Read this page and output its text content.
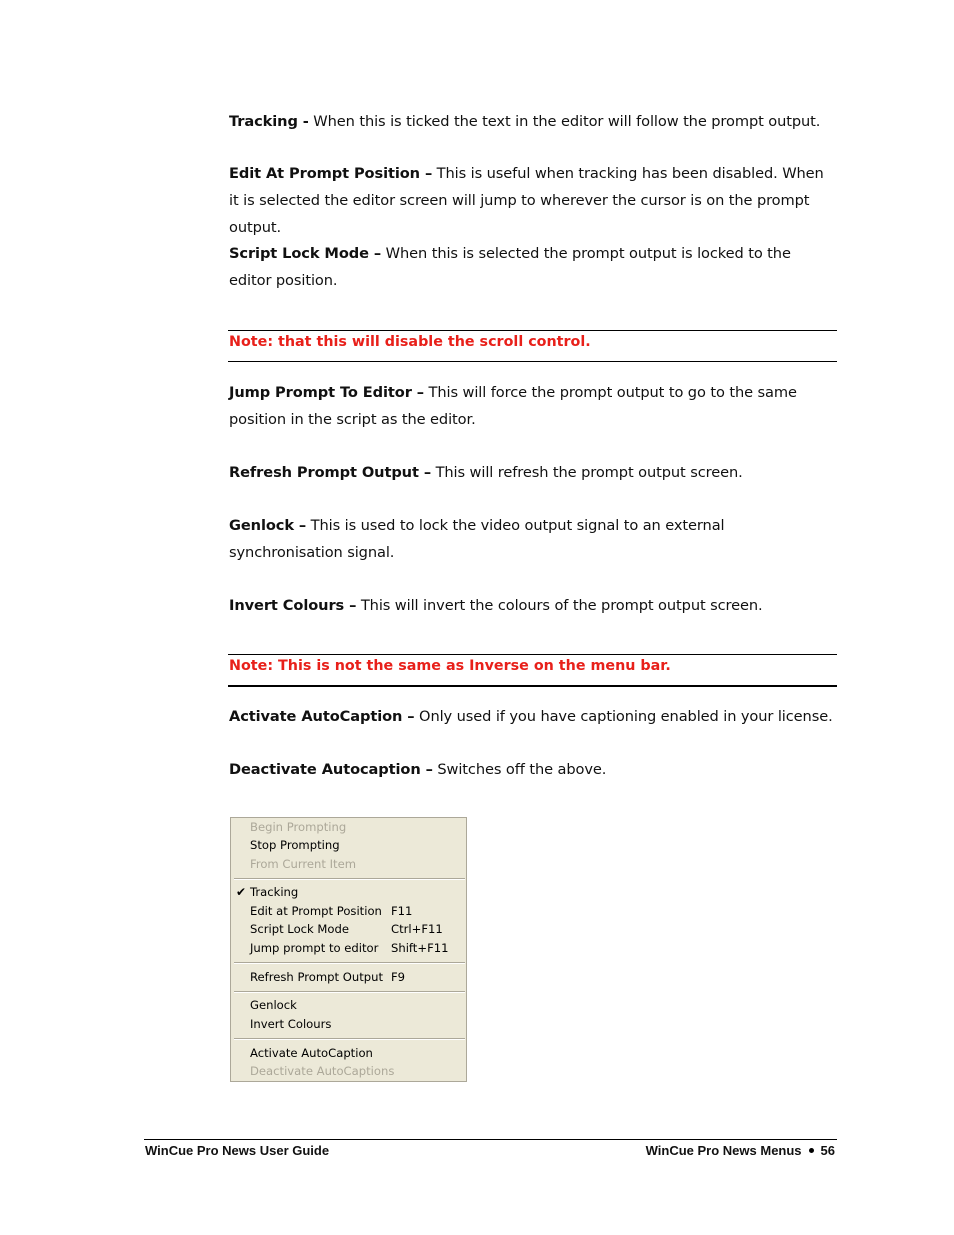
Tracking - When this is ticked the text in the editor will follow the prompt output.
Edit At Prompt Position – This is useful when tracking has been disabled. When it is selected the editor screen will jump to wherever the cursor is on the prompt output.
Script Lock Mode – When this is selected the prompt output is locked to the editor position.
Note: that this will disable the scroll control.
Jump Prompt To Editor – This will force the prompt output to go to the same position in the script as the editor.
Refresh Prompt Output – This will refresh the prompt output screen.
Genlock – This is used to lock the video output signal to an external synchronisation signal.
Invert Colours – This will invert the colours of the prompt output screen.
Note: This is not the same as Inverse on the menu bar.
Activate AutoCaption – Only used if you have captioning enabled in your license.
Deactivate Autocaption – Switches off the above.
Begin Prompting
Stop Prompting
From Current Item
✔ Tracking
Edit at Prompt Position F11
Script Lock Mode	Ctrl+F11
Jump prompt to editor Shift+F11
Refresh Prompt Output F9
Genlock
Invert Colours
Activate AutoCaption
Deactivate AutoCaptions
WinCue Pro News User Guide	WinCue Pro News Menus 56
